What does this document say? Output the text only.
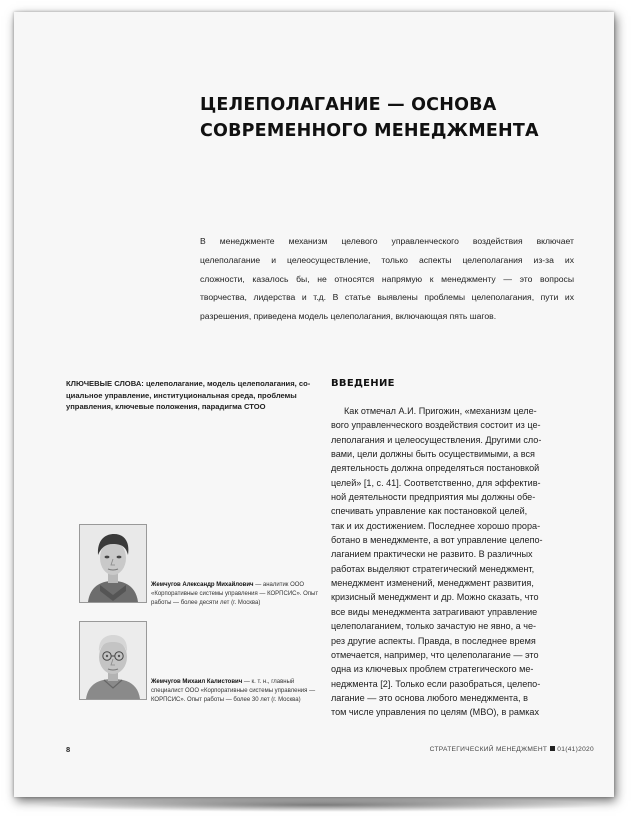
ЦЕЛЕПОЛАГАНИЕ — ОСНОВА
СОВРЕМЕННОГО МЕНЕДЖМЕНТА
В менеджменте механизм целевого управленческого воздействия включает
целеполагание и целеосуществление, только аспекты целеполагания из-за их
сложности, казалось бы, не относятся напрямую к менеджменту — это вопросы
творчества, лидерства и т.д. В статье выявлены проблемы целеполагания, пути их
разрешения, приведена модель целеполагания, включающая пять шагов.
КЛЮЧЕВЫЕ СЛОВА: целеполагание, модель целеполагания, со-
циальное управление, институциональная среда, проблемы
управления, ключевые положения, парадигма СТОО
ВВЕДЕНИЕ
Как отмечал А.И. Пригожин, «механизм целе-
вого управленческого воздействия состоит из це-
леполагания и целеосуществления. Другими сло-
вами, цели должны быть осуществимыми, а вся
деятельность должна определяться постановкой
целей» [1, с. 41]. Соответственно, для эффектив-
ной деятельности предприятия мы должны обе-
спечивать управление как постановкой целей,
так и их достижением. Последнее хорошо прора-
ботано в менеджменте, а вот управление целепо-
лаганием практически не развито. В различных
работах выделяют стратегический менеджмент,
менеджмент изменений, менеджмент развития,
кризисный менеджмент и др. Можно сказать, что
все виды менеджмента затрагивают управление
целеполаганием, только зачастую не явно, а че-
рез другие аспекты. Правда, в последнее время
отмечается, например, что целеполагание — это
одна из ключевых проблем стратегического ме-
неджмента [2]. Только если разобраться, целепо-
лагание — это основа любого менеджмента, в
том числе управления по целям (MBO), в рамках
Жемчугов Александр Михайлович — аналитик ООО
«Корпоративные системы управления — КОРПСИС». Опыт
работы — более десяти лет (г. Москва)
Жемчугов Михаил Калистович — к. т. н., главный
специалист ООО «Корпоративные системы управления —
КОРПСИС». Опыт работы — более 30 лет (г. Москва)
8	СТРАТЕГИЧЕСКИЙ МЕНЕДЖМЕНТ 01(41)2020
